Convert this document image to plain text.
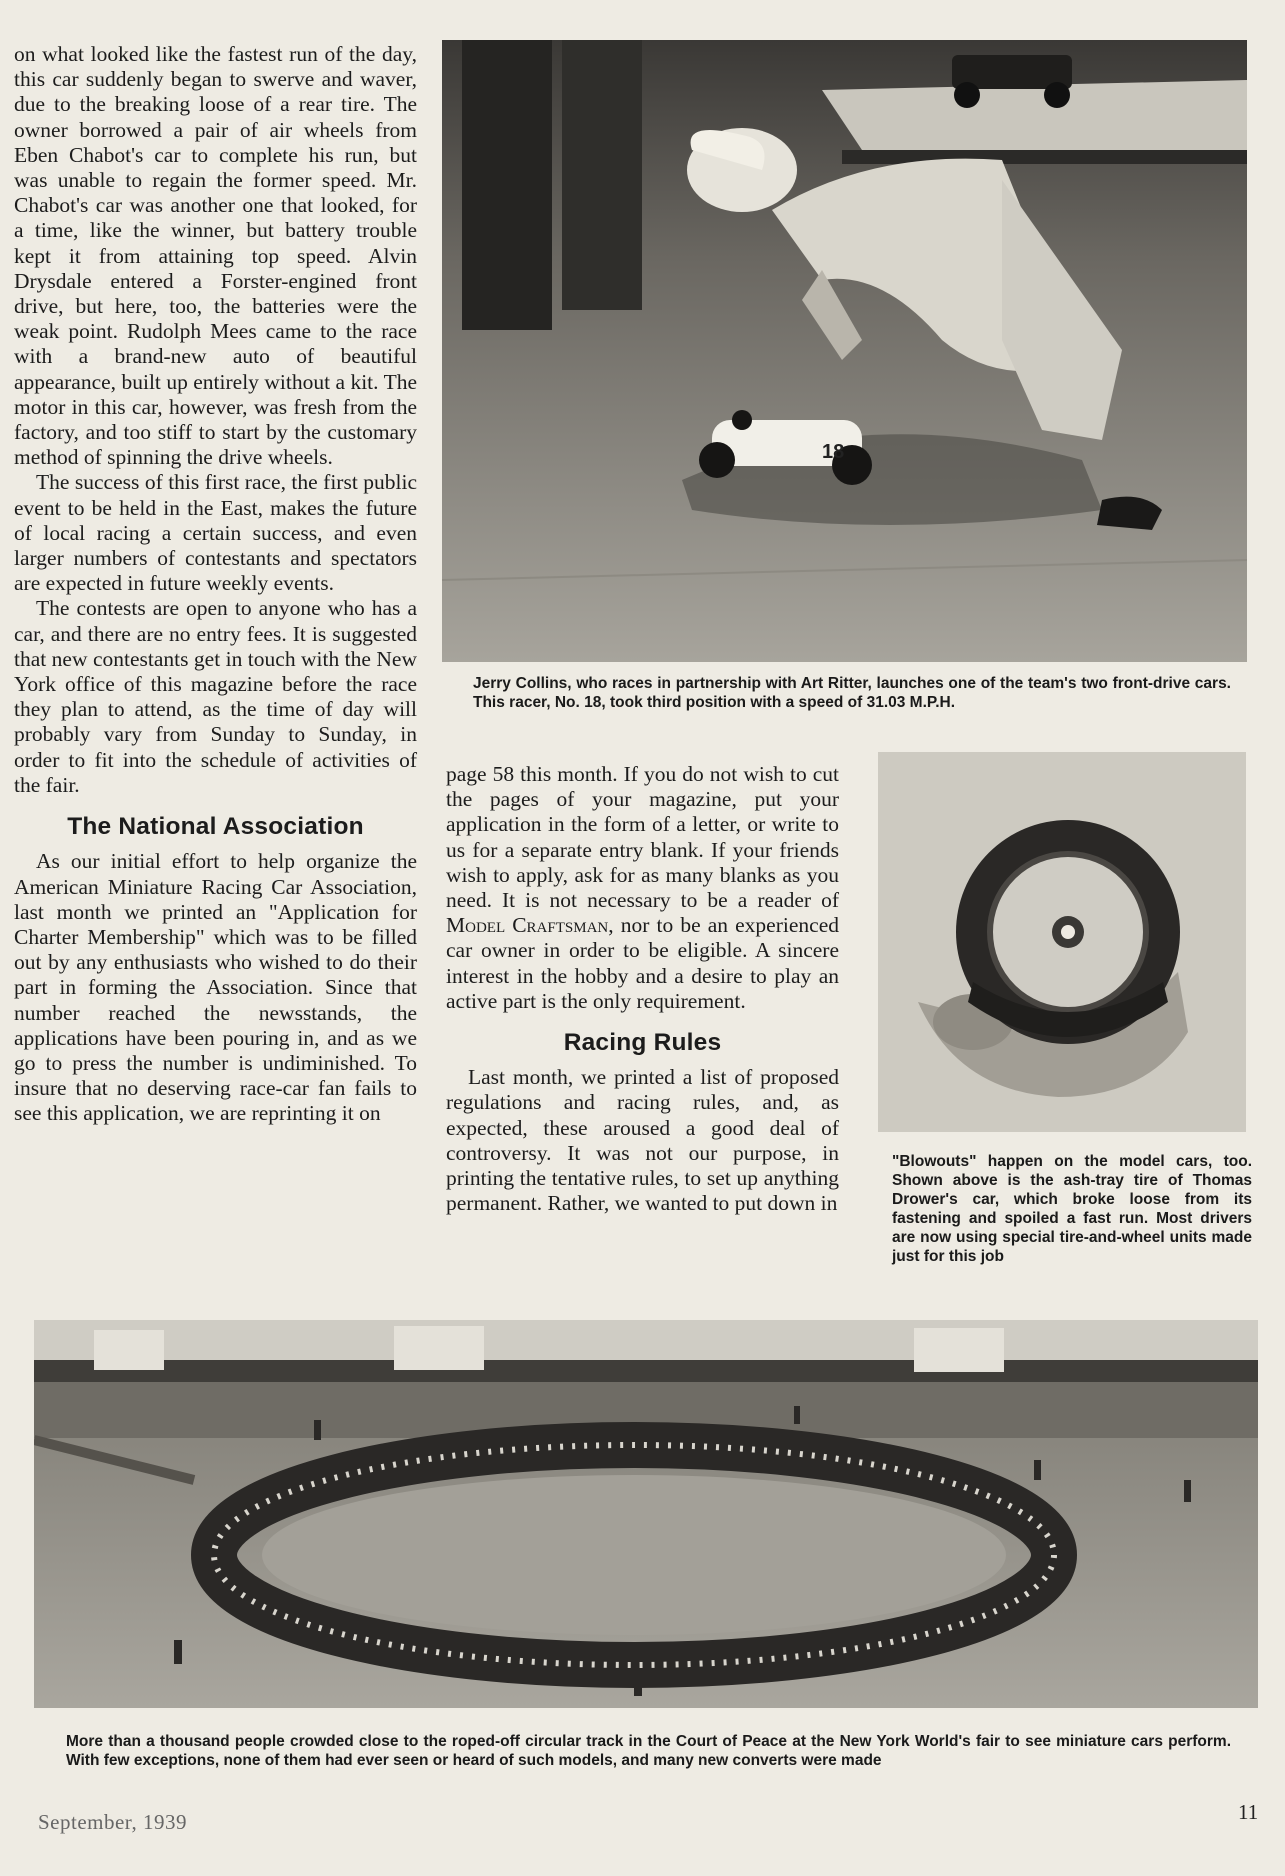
on what looked like the fastest run of the day, this car suddenly began to swerve and waver, due to the breaking loose of a rear tire. The owner borrowed a pair of air wheels from Eben Chabot's car to complete his run, but was unable to regain the former speed. Mr. Chabot's car was another one that looked, for a time, like the winner, but battery trouble kept it from attaining top speed. Alvin Drysdale entered a Forster-engined front drive, but here, too, the batteries were the weak point. Rudolph Mees came to the race with a brand-new auto of beautiful appearance, built up entirely without a kit. The motor in this car, however, was fresh from the factory, and too stiff to start by the customary method of spinning the drive wheels.

The success of this first race, the first public event to be held in the East, makes the future of local racing a certain success, and even larger numbers of contestants and spectators are expected in future weekly events.

The contests are open to anyone who has a car, and there are no entry fees. It is suggested that new contestants get in touch with the New York office of this magazine before the race they plan to attend, as the time of day will probably vary from Sunday to Sunday, in order to fit into the schedule of activities of the fair.

The National Association

As our initial effort to help organize the American Miniature Racing Car Association, last month we printed an "Application for Charter Membership" which was to be filled out by any enthusiasts who wished to do their part in forming the Association. Since that number reached the newsstands, the applications have been pouring in, and as we go to press the number is undiminished. To insure that no deserving race-car fan fails to see this application, we are reprinting it on

18
Jerry Collins, who races in partnership with Art Ritter, launches one of the team's two front-drive cars. This racer, No. 18, took third position with a speed of 31.03 M.P.H.

page 58 this month. If you do not wish to cut the pages of your magazine, put your application in the form of a letter, or write to us for a separate entry blank. If your friends wish to apply, ask for as many blanks as you need. It is not necessary to be a reader of Model Craftsman, nor to be an experienced car owner in order to be eligible. A sincere interest in the hobby and a desire to play an active part is the only requirement.

Racing Rules

Last month, we printed a list of proposed regulations and racing rules, and, as expected, these aroused a good deal of controversy. It was not our purpose, in printing the tentative rules, to set up anything permanent. Rather, we wanted to put down in

"Blowouts" happen on the model cars, too. Shown above is the ash-tray tire of Thomas Drower's car, which broke loose from its fastening and spoiled a fast run. Most drivers are now using special tire-and-wheel units made just for this job
More than a thousand people crowded close to the roped-off circular track in the Court of Peace at the New York World's fair to see miniature cars perform. With few exceptions, none of them had ever seen or heard of such models, and many new converts were made
September, 1939	11
